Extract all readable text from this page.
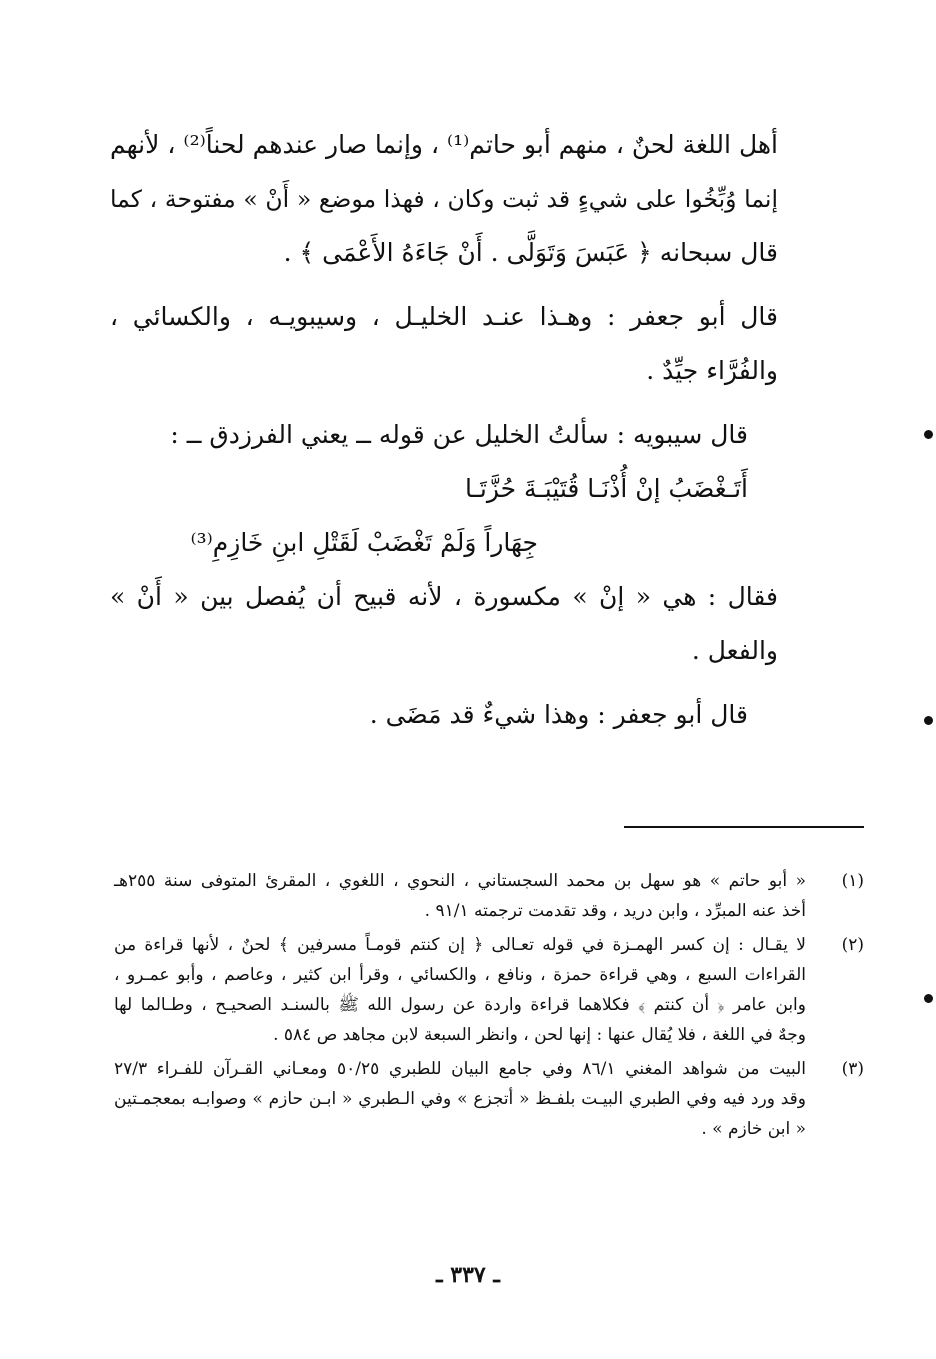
أهل اللغة لحنٌ ، منهم أبو حاتم⁽¹⁾ ، وإنما صار عندهم لحناً⁽²⁾ ، لأنهم
إنما وُبِّخُوا على شيءٍ قد ثبت وكان ، فهذا موضع « أَنْ » مفتوحة ، كما
قال سبحانه ﴿ عَبَسَ وَتَوَلَّى . أَنْ جَاءَهُ الأَعْمَى ﴾ .
قال أبو جعفر : وهـذا عنـد الخليـل ، وسيبويـه ، والكسائي ،
والفُرَّاء جيِّدٌ .
قال سيبويه : سألتُ الخليل عن قوله ــ يعني الفرزدق ــ :
أَتَـغْضَبُ إنْ أُذْنَـا قُتَيْبَـةَ حُزَّتَـا
جِهَاراً وَلَمْ تَغْضَبْ لَقَتْلِ ابنِ خَازِمِ⁽³⁾
فقال : هي « إنْ » مكسورة ، لأنه قبيح أن يُفصل بين « أَنْ »
والفعل .
قال أبو جعفر : وهذا شيءٌ قد مَضَى .
(١)
« أبو حاتم » هو سهل بن محمد السجستاني ، النحوي ، اللغوي ، المقرئ المتوفى سنة ٢٥٥هـ
أخذ عنه المبرِّد ، وابن دريد ، وقد تقدمت ترجمته ٩١/١ .
(٢)
لا يقـال : إن كسر الهمـزة في قوله تعـالى ﴿ إن كنتم قومـاً مسرفين ﴾ لحنٌ ، لأنها قراءة من
القراءات السبع ، وهي قراءة حمزة ، ونافع ، والكسائي ، وقرأ ابن كثير ، وعاصم ، وأبو عمـرو ،
وابن عامر ﴿ أن كنتم ﴾ فكلاهما قراءة واردة عن رسول الله ﷺ بالسنـد الصحيـح ، وطـالما لها
وجهٌ في اللغة ، فلا يُقال عنها : إنها لحن ، وانظر السبعة لابن مجاهد ص ٥٨٤ .
(٣)
البيت من شواهد المغني ٨٦/١ وفي جامع البيان للطبري ٥٠/٢٥ ومعـاني القـرآن للفـراء ٢٧/٣
وقد ورد فيه وفي الطبري البيـت بلفـظ « أتجزع » وفي الـطبري « ابـن حازم » وصوابـه بمعجمـتين
« ابن خازم » .
ـ ٣٣٧ ـ
